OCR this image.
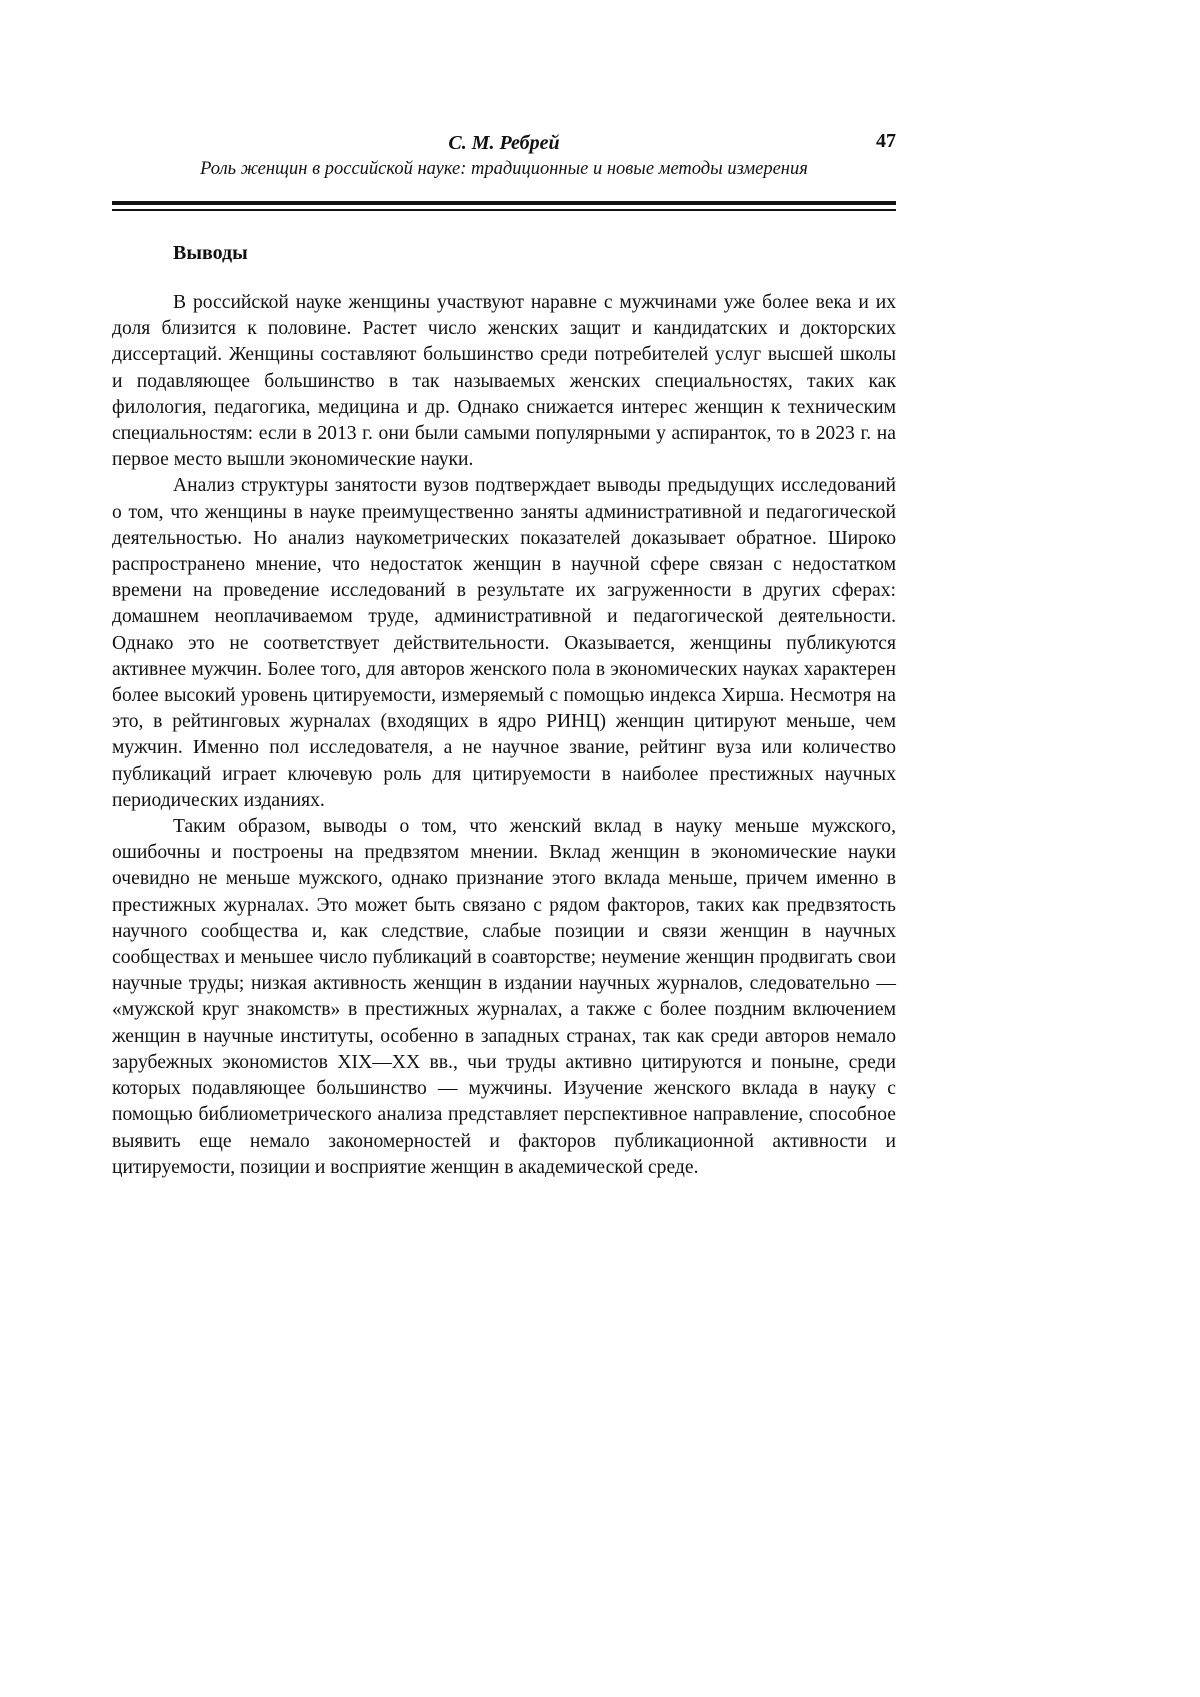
С. М. Ребрей
Роль женщин в российской науке: традиционные и новые методы измерения
47
Выводы

В российской науке женщины участвуют наравне с мужчинами уже более века и их доля близится к половине. Растет число женских защит и кандидатских и докторских диссертаций. Женщины составляют большинство среди потребителей услуг высшей школы и подавляющее большинство в так называемых женских специальностях, таких как филология, педагогика, медицина и др. Однако снижается интерес женщин к техническим специальностям: если в 2013 г. они были самыми популярными у аспиранток, то в 2023 г. на первое место вышли экономические науки.

Анализ структуры занятости вузов подтверждает выводы предыдущих исследований о том, что женщины в науке преимущественно заняты административной и педагогической деятельностью. Но анализ наукометрических показателей доказывает обратное. Широко распространено мнение, что недостаток женщин в научной сфере связан с недостатком времени на проведение исследований в результате их загруженности в других сферах: домашнем неоплачиваемом труде, административной и педагогической деятельности. Однако это не соответствует действительности. Оказывается, женщины публикуются активнее мужчин. Более того, для авторов женского пола в экономических науках характерен более высокий уровень цитируемости, измеряемый с помощью индекса Хирша. Несмотря на это, в рейтинговых журналах (входящих в ядро РИНЦ) женщин цитируют меньше, чем мужчин. Именно пол исследователя, а не научное звание, рейтинг вуза или количество публикаций играет ключевую роль для цитируемости в наиболее престижных научных периодических изданиях.

Таким образом, выводы о том, что женский вклад в науку меньше мужского, ошибочны и построены на предвзятом мнении. Вклад женщин в экономические науки очевидно не меньше мужского, однако признание этого вклада меньше, причем именно в престижных журналах. Это может быть связано с рядом факторов, таких как предвзятость научного сообщества и, как следствие, слабые позиции и связи женщин в научных сообществах и меньшее число публикаций в соавторстве; неумение женщин продвигать свои научные труды; низкая активность женщин в издании научных журналов, следовательно — «мужской круг знакомств» в престижных журналах, а также с более поздним включением женщин в научные институты, особенно в западных странах, так как среди авторов немало зарубежных экономистов XIX—XX вв., чьи труды активно цитируются и поныне, среди которых подавляющее большинство — мужчины. Изучение женского вклада в науку с помощью библиометрического анализа представляет перспективное направление, способное выявить еще немало закономерностей и факторов публикационной активности и цитируемости, позиции и восприятие женщин в академической среде.
